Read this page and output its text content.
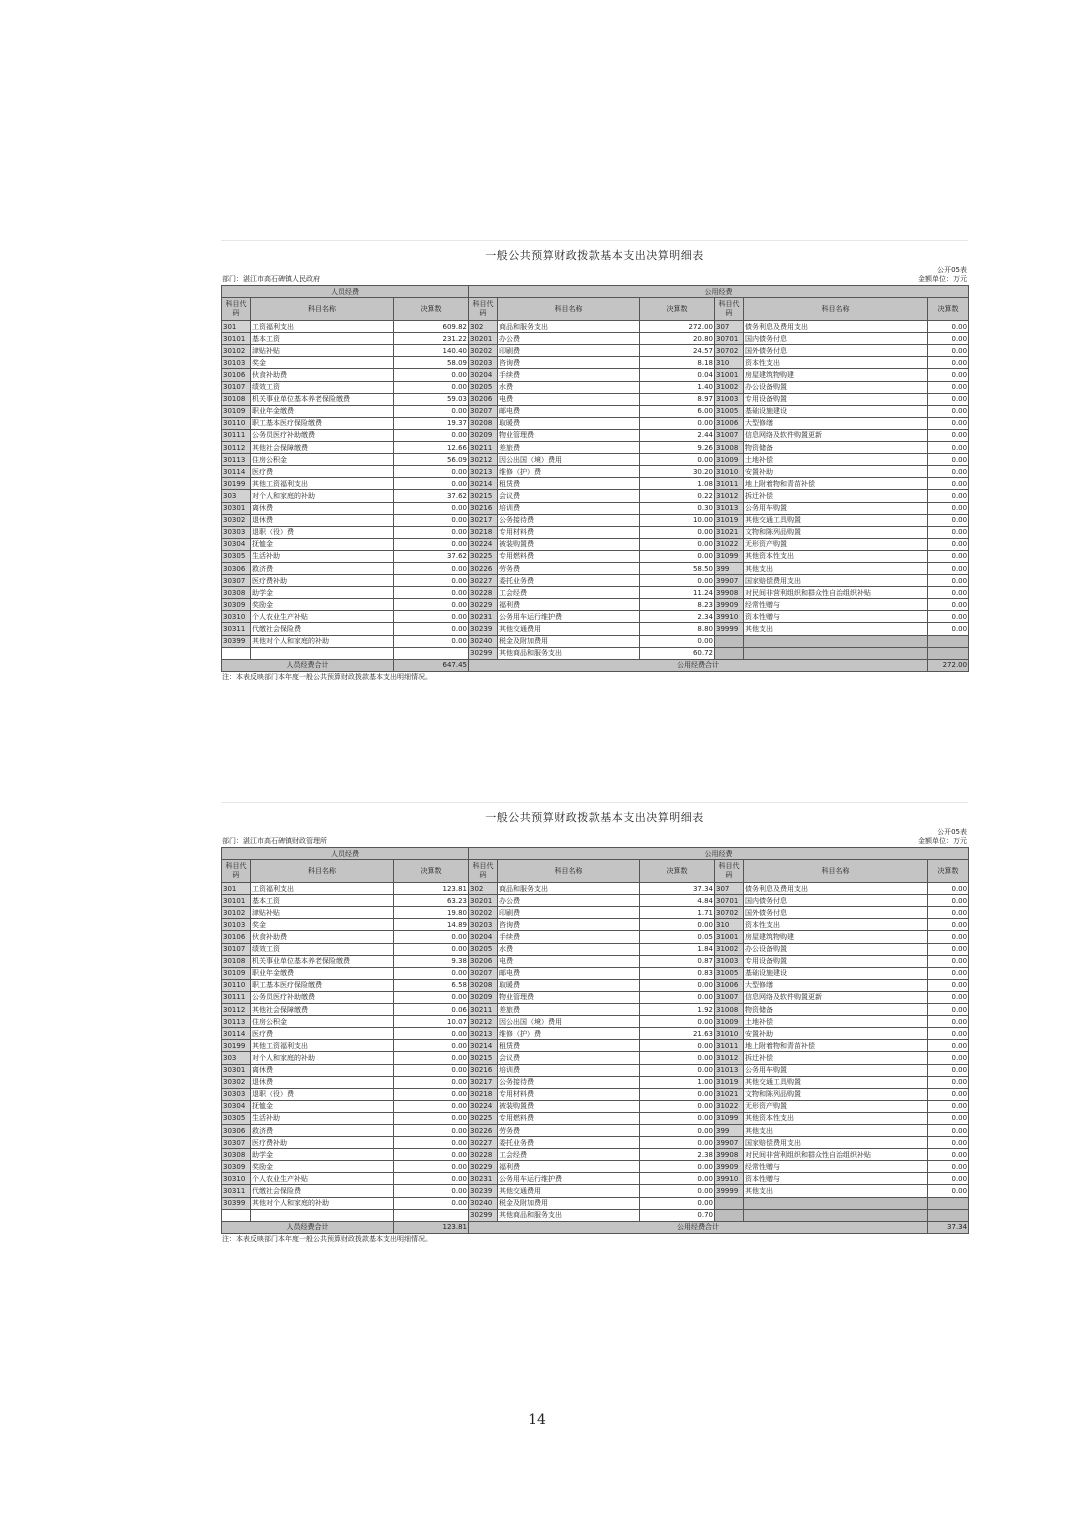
一般公共预算财政拨款基本支出决算明细表
公开05表
部门：湛江市高石碑镇人民政府	金额单位：万元
人员经费			公用经费					
科目代码	科目名称	决算数	科目代码	科目名称	决算数	科目代码	科目名称	决算数
301	工资福利支出	609.82	302	商品和服务支出	272.00	307	债务利息及费用支出	0.00
30101	基本工资	231.22	30201	办公费	20.80	30701	国内债务付息	0.00
30102	津贴补贴	140.40	30202	印刷费	24.57	30702	国外债务付息	0.00
30103	奖金	58.09	30203	咨询费	8.18	310	资本性支出	0.00
30106	伙食补助费	0.00	30204	手续费	0.04	31001	房屋建筑物购建	0.00
30107	绩效工资	0.00	30205	水费	1.40	31002	办公设备购置	0.00
30108	机关事业单位基本养老保险缴费	59.03	30206	电费	8.97	31003	专用设备购置	0.00
30109	职业年金缴费	0.00	30207	邮电费	6.00	31005	基础设施建设	0.00
30110	职工基本医疗保险缴费	19.37	30208	取暖费	0.00	31006	大型修缮	0.00
30111	公务员医疗补助缴费	0.00	30209	物业管理费	2.44	31007	信息网络及软件购置更新	0.00
30112	其他社会保障缴费	12.66	30211	差旅费	9.26	31008	物资储备	0.00
30113	住房公积金	56.09	30212	因公出国（境）费用	0.00	31009	土地补偿	0.00
30114	医疗费	0.00	30213	维修（护）费	30.20	31010	安置补助	0.00
30199	其他工资福利支出	0.00	30214	租赁费	1.08	31011	地上附着物和青苗补偿	0.00
303	对个人和家庭的补助	37.62	30215	会议费	0.22	31012	拆迁补偿	0.00
30301	离休费	0.00	30216	培训费	0.30	31013	公务用车购置	0.00
30302	退休费	0.00	30217	公务接待费	10.00	31019	其他交通工具购置	0.00
30303	退职（役）费	0.00	30218	专用材料费	0.00	31021	文物和陈列品购置	0.00
30304	抚恤金	0.00	30224	被装购置费	0.00	31022	无形资产购置	0.00
30305	生活补助	37.62	30225	专用燃料费	0.00	31099	其他资本性支出	0.00
30306	救济费	0.00	30226	劳务费	58.50	399	其他支出	0.00
30307	医疗费补助	0.00	30227	委托业务费	0.00	39907	国家赔偿费用支出	0.00
30308	助学金	0.00	30228	工会经费	11.24	39908	对民间非营利组织和群众性自治组织补贴	0.00
30309	奖励金	0.00	30229	福利费	8.23	39909	经常性赠与	0.00
30310	个人农业生产补贴	0.00	30231	公务用车运行维护费	2.34	39910	资本性赠与	0.00
30311	代缴社会保险费	0.00	30239	其他交通费用	8.80	39999	其他支出	0.00
30399	其他对个人和家庭的补助	0.00	30240	税金及附加费用	0.00			
			30299	其他商品和服务支出	60.72			
人员经费合计		647.45	公用经费合计					272.00
注：本表反映部门本年度一般公共预算财政拨款基本支出明细情况。
一般公共预算财政拨款基本支出决算明细表
公开05表
部门：湛江市高石碑镇财政管理所	金额单位：万元
人员经费			公用经费					
科目代码	科目名称	决算数	科目代码	科目名称	决算数	科目代码	科目名称	决算数
301	工资福利支出	123.81	302	商品和服务支出	37.34	307	债务利息及费用支出	0.00
30101	基本工资	63.23	30201	办公费	4.84	30701	国内债务付息	0.00
30102	津贴补贴	19.80	30202	印刷费	1.71	30702	国外债务付息	0.00
30103	奖金	14.89	30203	咨询费	0.00	310	资本性支出	0.00
30106	伙食补助费	0.00	30204	手续费	0.05	31001	房屋建筑物购建	0.00
30107	绩效工资	0.00	30205	水费	1.84	31002	办公设备购置	0.00
30108	机关事业单位基本养老保险缴费	9.38	30206	电费	0.87	31003	专用设备购置	0.00
30109	职业年金缴费	0.00	30207	邮电费	0.83	31005	基础设施建设	0.00
30110	职工基本医疗保险缴费	6.58	30208	取暖费	0.00	31006	大型修缮	0.00
30111	公务员医疗补助缴费	0.00	30209	物业管理费	0.00	31007	信息网络及软件购置更新	0.00
30112	其他社会保障缴费	0.06	30211	差旅费	1.92	31008	物资储备	0.00
30113	住房公积金	10.07	30212	因公出国（境）费用	0.00	31009	土地补偿	0.00
30114	医疗费	0.00	30213	维修（护）费	21.63	31010	安置补助	0.00
30199	其他工资福利支出	0.00	30214	租赁费	0.00	31011	地上附着物和青苗补偿	0.00
303	对个人和家庭的补助	0.00	30215	会议费	0.00	31012	拆迁补偿	0.00
30301	离休费	0.00	30216	培训费	0.00	31013	公务用车购置	0.00
30302	退休费	0.00	30217	公务接待费	1.00	31019	其他交通工具购置	0.00
30303	退职（役）费	0.00	30218	专用材料费	0.00	31021	文物和陈列品购置	0.00
30304	抚恤金	0.00	30224	被装购置费	0.00	31022	无形资产购置	0.00
30305	生活补助	0.00	30225	专用燃料费	0.00	31099	其他资本性支出	0.00
30306	救济费	0.00	30226	劳务费	0.00	399	其他支出	0.00
30307	医疗费补助	0.00	30227	委托业务费	0.00	39907	国家赔偿费用支出	0.00
30308	助学金	0.00	30228	工会经费	2.38	39908	对民间非营利组织和群众性自治组织补贴	0.00
30309	奖励金	0.00	30229	福利费	0.00	39909	经常性赠与	0.00
30310	个人农业生产补贴	0.00	30231	公务用车运行维护费	0.00	39910	资本性赠与	0.00
30311	代缴社会保险费	0.00	30239	其他交通费用	0.00	39999	其他支出	0.00
30399	其他对个人和家庭的补助	0.00	30240	税金及附加费用	0.00			
			30299	其他商品和服务支出	0.70			
人员经费合计		123.81	公用经费合计					37.34
注：本表反映部门本年度一般公共预算财政拨款基本支出明细情况。
14
